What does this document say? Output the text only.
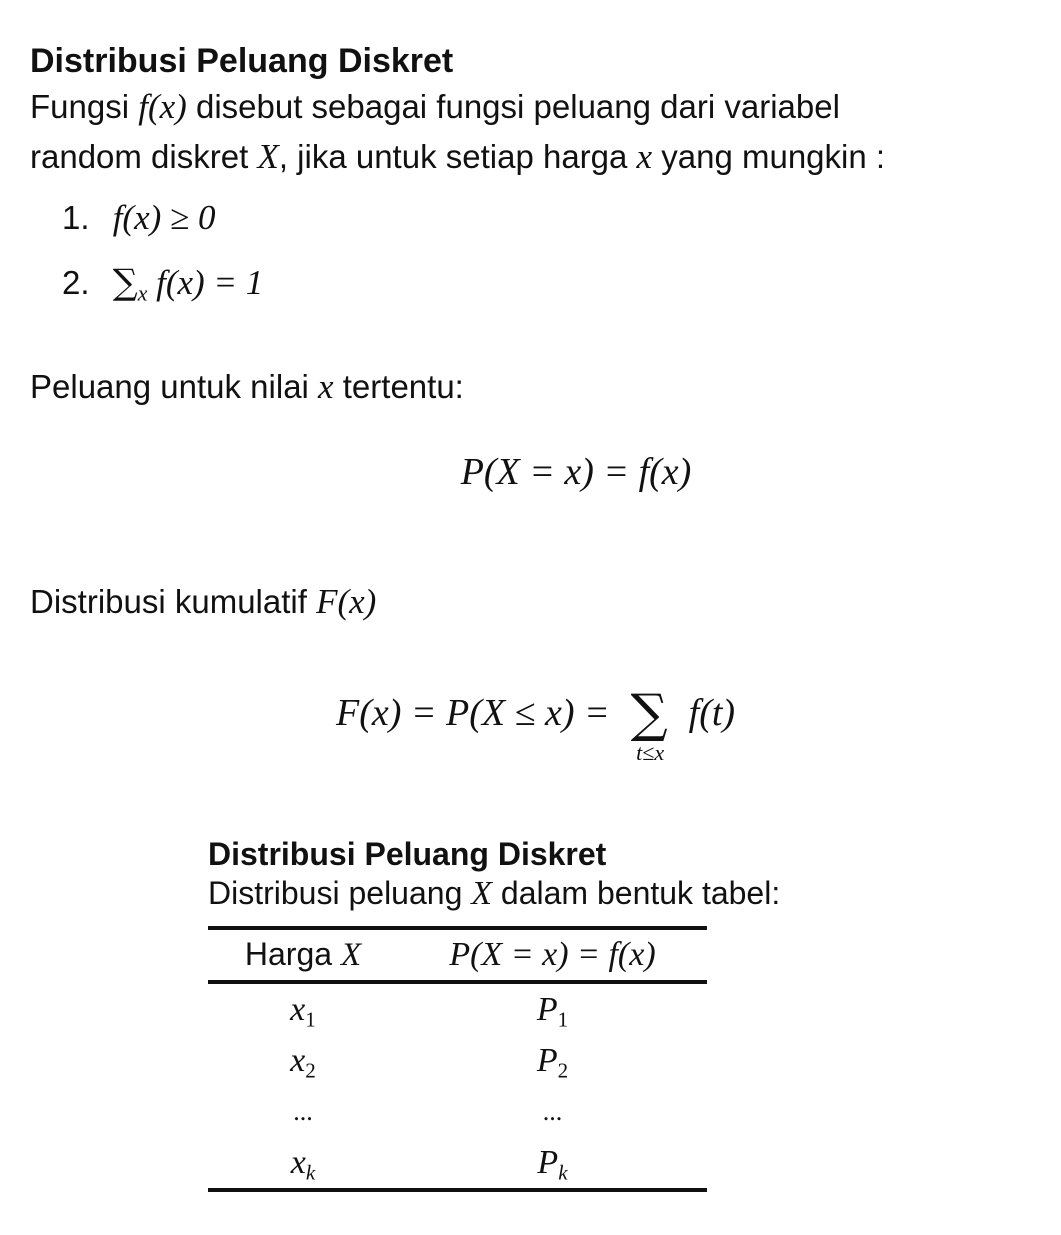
Distribusi Peluang Diskret
Fungsi f(x) disebut sebagai fungsi peluang dari variabel
random diskret X, jika untuk setiap harga x yang mungkin :
1. f(x) ≥ 0
2. $\sum_x$ f(x) = 1
Peluang untuk nilai x tertentu:
P(X = x) = f(x)
Distribusi kumulatif F(x)
F(x) = P(X ≤ x) = ∑
t≤x
f(t)
Distribusi Peluang Diskret
Distribusi peluang X dalam bentuk tabel:
Harga X	P(X = x) = f(x)
$x_1$	$P_1$
$x_2$	$P_2$
...	...
$x_k$	$P_k$
